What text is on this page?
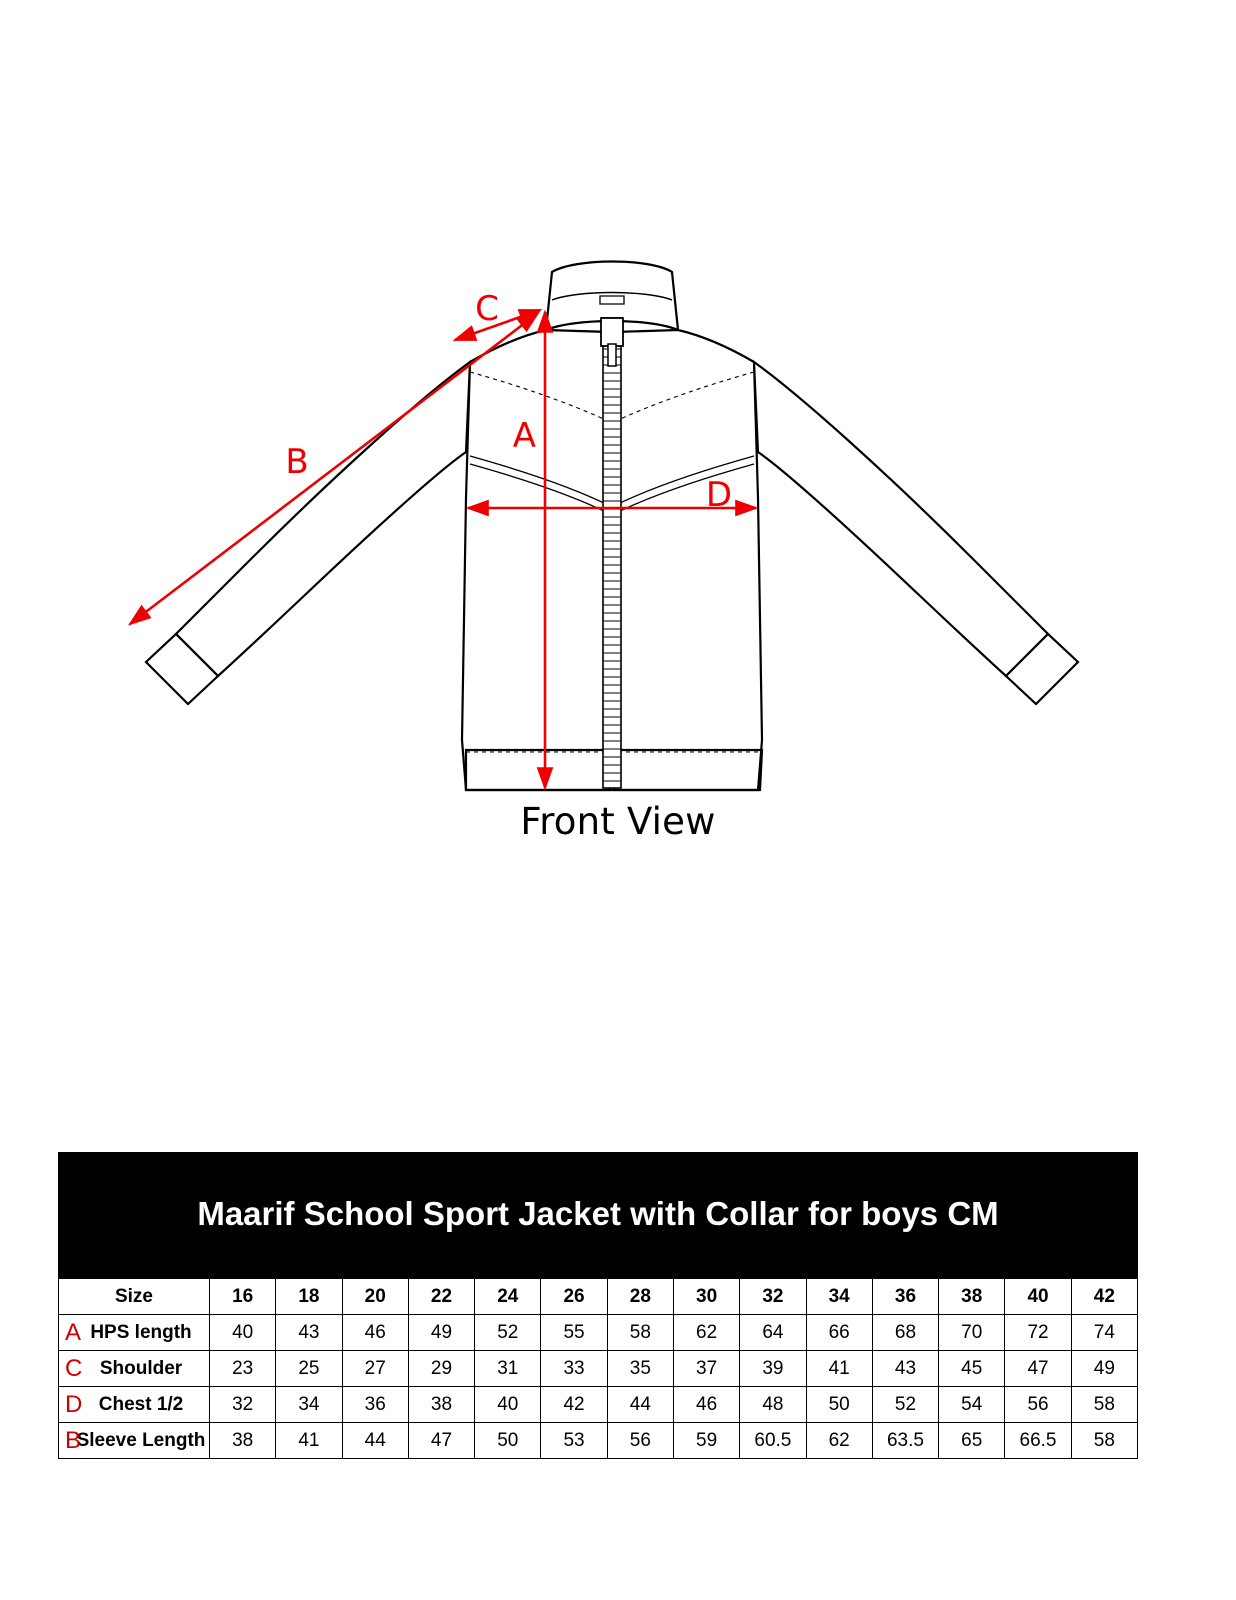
A
B
C
D
Front View
Maarif School Sport Jacket with Collar for boys CM
Size	16	18	20	22	24	26	28	30	32	34	36	38	40	42

A HPS length	40	43	46	49	52	55	58	62	64	66	68	70	72	74

C Shoulder	23	25	27	29	31	33	35	37	39	41	43	45	47	49

D Chest 1/2	32	34	36	38	40	42	44	46	48	50	52	54	56	58

B
Sleeve Length	38	41	44	47	50	53	56	59	60.5	62	63.5	65	66.5	58
